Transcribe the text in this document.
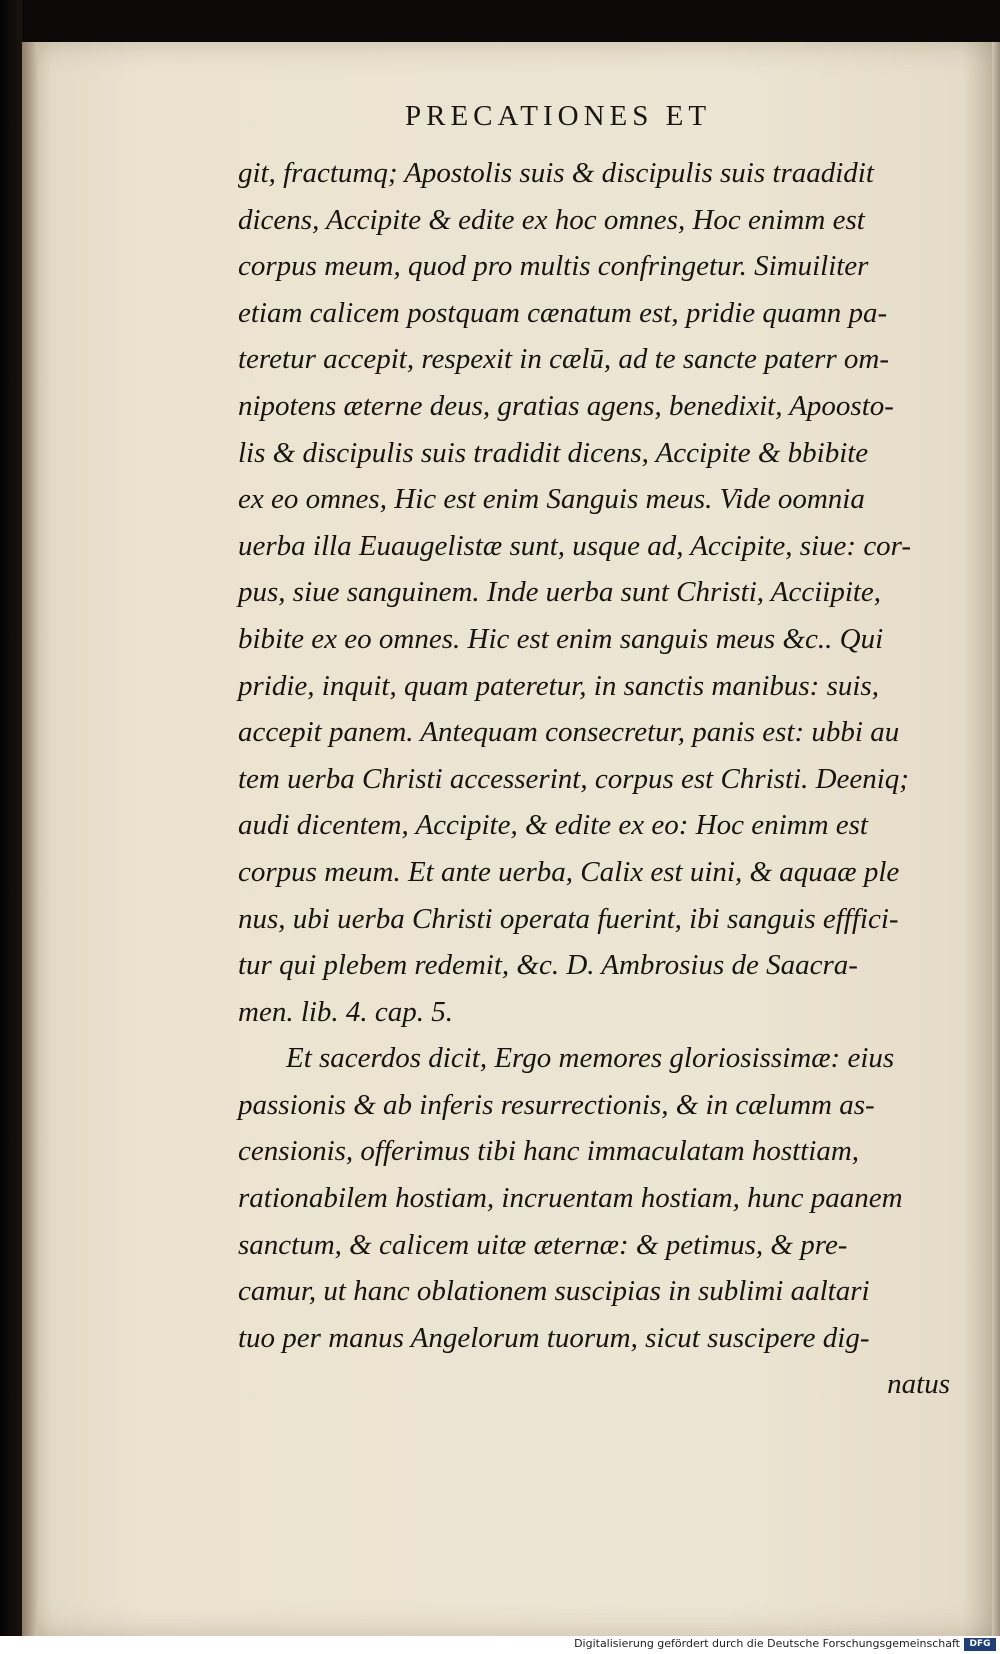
PRECATIONES ET
git, fractumq; Apostolis suis & discipulis suis traadidit
dicens, Accipite & edite ex hoc omnes, Hoc enimm est
corpus meum, quod pro multis confringetur. Simuiliter
etiam calicem postquam cænatum est, pridie quamn pa-
teretur accepit, respexit in cælū, ad te sancte paterr om-
nipotens æterne deus, gratias agens, benedixit, Apoosto-
lis & discipulis suis tradidit dicens, Accipite & bbibite
ex eo omnes, Hic est enim Sanguis meus. Vide oomnia
uerba illa Euaugelistæ sunt, usque ad, Accipite, siue: cor-
pus, siue sanguinem. Inde uerba sunt Christi, Acciipite,
bibite ex eo omnes. Hic est enim sanguis meus &c.. Qui
pridie, inquit, quam pateretur, in sanctis manibus: suis,
accepit panem. Antequam consecretur, panis est: ubbi au
tem uerba Christi accesserint, corpus est Christi. Deeniq;
audi dicentem, Accipite, & edite ex eo: Hoc enimm est
corpus meum. Et ante uerba, Calix est uini, & aquaæ ple
nus, ubi uerba Christi operata fuerint, ibi sanguis efffici-
tur qui plebem redemit, &c. D. Ambrosius de Saacra-
men. lib. 4. cap. 5.
Et sacerdos dicit, Ergo memores gloriosissimæ: eius
passionis & ab inferis resurrectionis, & in cælumm as-
censionis, offerimus tibi hanc immaculatam hosttiam,
rationabilem hostiam, incruentam hostiam, hunc paanem
sanctum, & calicem uitæ æternæ: & petimus, & pre-
camur, ut hanc oblationem suscipias in sublimi aaltari
tuo per manus Angelorum tuorum, sicut suscipere dig-
natus
Digitalisierung gefördert durch die Deutsche Forschungsgemeinschaft	DFG
